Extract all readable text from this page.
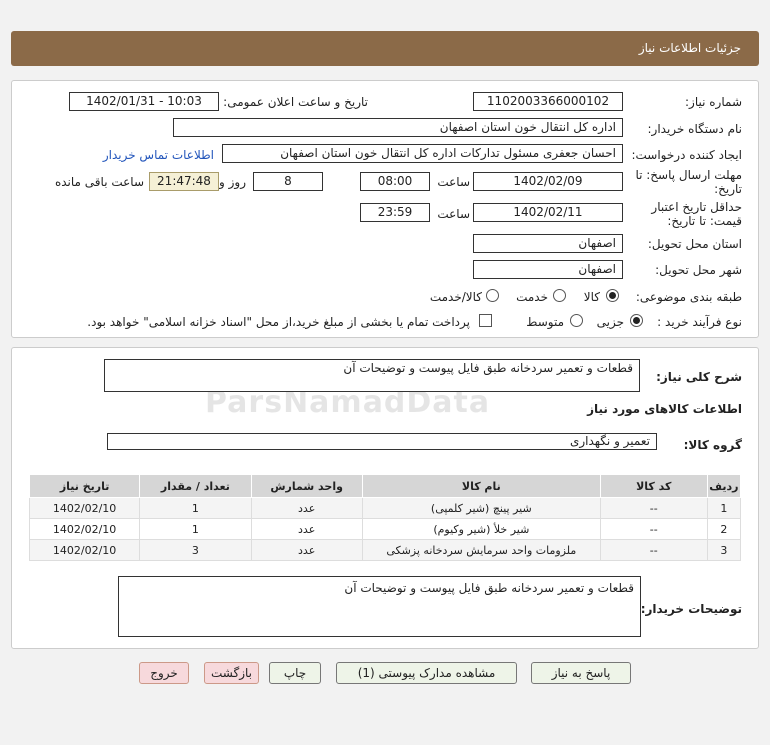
جزئیات اطلاعات نیاز
شماره نیاز:
1102003366000102
تاریخ و ساعت اعلان عمومی:
1402/01/31 - 10:03
نام دستگاه خریدار:
اداره کل انتقال خون استان اصفهان
ایجاد کننده درخواست:
احسان جعفری مسئول تدارکات اداره کل انتقال خون استان اصفهان
اطلاعات تماس خریدار
مهلت ارسال پاسخ: تا
تاریخ:
1402/02/09
ساعت
08:00
8
روز و
21:47:48
ساعت باقی مانده
حداقل تاریخ اعتبار
قیمت: تا تاریخ:
1402/02/11
ساعت
23:59
استان محل تحویل:
اصفهان
شهر محل تحویل:
اصفهان
طبقه بندی موضوعی:
کالا
خدمت
کالا/خدمت
نوع فرآیند خرید :
جزیی
متوسط
پرداخت تمام یا بخشی از مبلغ خرید،از محل "اسناد خزانه اسلامی" خواهد بود.
شرح کلی نیاز:
قطعات و تعمیر سردخانه طبق فایل پیوست و توضیحات آن
اطلاعات کالاهای مورد نیاز
گروه کالا:
تعمیر و نگهداری
ردیف	کد کالا	نام کالا	واحد شمارش	تعداد / مقدار	تاریخ نیاز
1	--	شیر پینچ (شیر کلمپی)	عدد	1	1402/02/10
2	--	شیر خلأ (شیر وکیوم)	عدد	1	1402/02/10
3	--	ملزومات واحد سرمایش سردخانه پزشکی	عدد	3	1402/02/10
توضیحات خریدار:
قطعات و تعمیر سردخانه طبق فایل پیوست و توضیحات آن
پاسخ به نیاز
مشاهده مدارک پیوستی (1)
چاپ
بازگشت
خروج
